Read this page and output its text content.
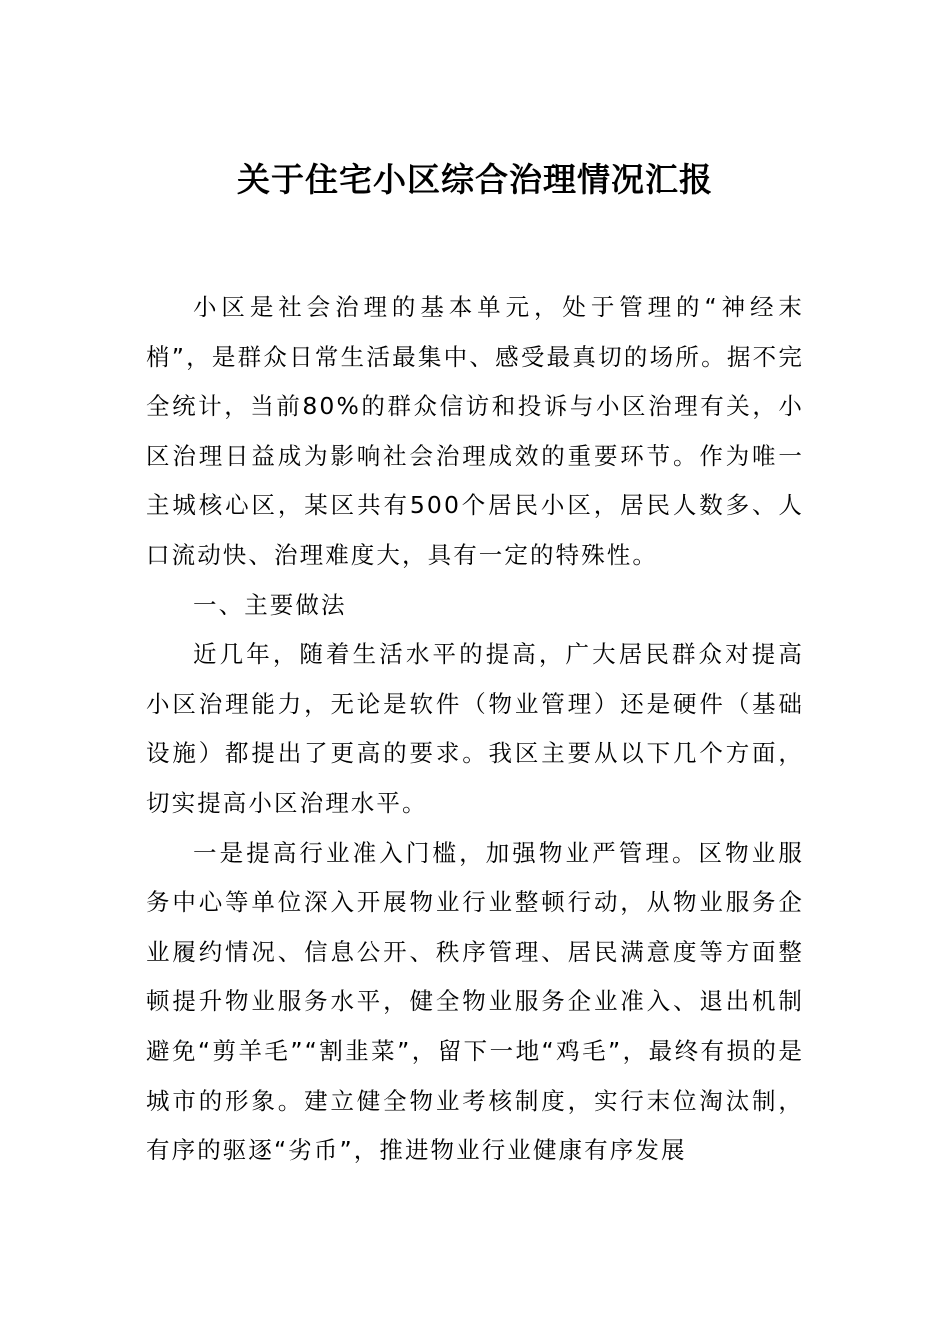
关于住宅小区综合治理情况汇报

小区是社会治理的基本单元，处于管理的“神经末梢”，是群众日常生活最集中、感受最真切的场所。据不完全统计，当前80%的群众信访和投诉与小区治理有关，小区治理日益成为影响社会治理成效的重要环节。作为唯一主城核心区，某区共有500个居民小区，居民人数多、人口流动快、治理难度大，具有一定的特殊性。

一、主要做法

近几年，随着生活水平的提高，广大居民群众对提高小区治理能力，无论是软件（物业管理）还是硬件（基础设施）都提出了更高的要求。我区主要从以下几个方面，切实提高小区治理水平。

一是提高行业准入门槛，加强物业严管理。区物业服务中心等单位深入开展物业行业整顿行动，从物业服务企业履约情况、信息公开、秩序管理、居民满意度等方面整顿提升物业服务水平，健全物业服务企业准入、退出机制避免“剪羊毛”“割韭菜”，留下一地“鸡毛”，最终有损的是城市的形象。建立健全物业考核制度，实行末位淘汰制，有序的驱逐“劣币”，推进物业行业健康有序发展
